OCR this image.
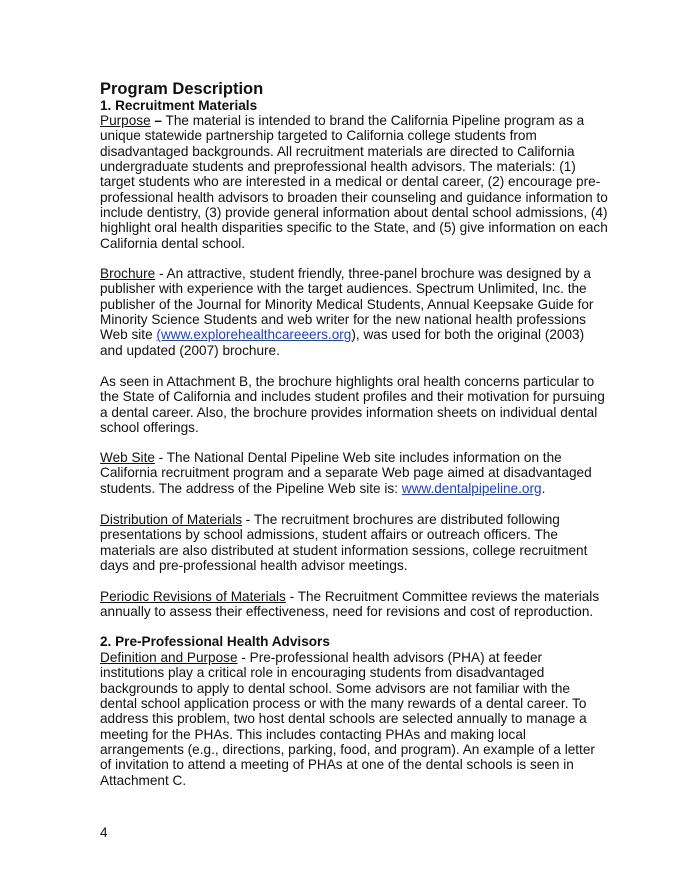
Program Description
1. Recruitment Materials
Purpose – The material is intended to brand the California Pipeline program as a
unique statewide partnership targeted to California college students from
disadvantaged backgrounds. All recruitment materials are directed to California
undergraduate students and preprofessional health advisors. The materials: (1)
target students who are interested in a medical or dental career, (2) encourage pre-
professional health advisors to broaden their counseling and guidance information to
include dentistry, (3) provide general information about dental school admissions, (4)
highlight oral health disparities specific to the State, and (5) give information on each
California dental school.
Brochure - An attractive, student friendly, three-panel brochure was designed by a
publisher with experience with the target audiences. Spectrum Unlimited, Inc. the
publisher of the Journal for Minority Medical Students, Annual Keepsake Guide for
Minority Science Students and web writer for the new national health professions
Web site (www.explorehealthcareeers.org), was used for both the original (2003)
and updated (2007) brochure.
As seen in Attachment B, the brochure highlights oral health concerns particular to
the State of California and includes student profiles and their motivation for pursuing
a dental career. Also, the brochure provides information sheets on individual dental
school offerings.
Web Site - The National Dental Pipeline Web site includes information on the
California recruitment program and a separate Web page aimed at disadvantaged
students. The address of the Pipeline Web site is: www.dentalpipeline.org.
Distribution of Materials - The recruitment brochures are distributed following
presentations by school admissions, student affairs or outreach officers. The
materials are also distributed at student information sessions, college recruitment
days and pre-professional health advisor meetings.
Periodic Revisions of Materials - The Recruitment Committee reviews the materials
annually to assess their effectiveness, need for revisions and cost of reproduction.
2. Pre-Professional Health Advisors
Definition and Purpose - Pre-professional health advisors (PHA) at feeder
institutions play a critical role in encouraging students from disadvantaged
backgrounds to apply to dental school. Some advisors are not familiar with the
dental school application process or with the many rewards of a dental career. To
address this problem, two host dental schools are selected annually to manage a
meeting for the PHAs. This includes contacting PHAs and making local
arrangements (e.g., directions, parking, food, and program). An example of a letter
of invitation to attend a meeting of PHAs at one of the dental schools is seen in
Attachment C.
4
